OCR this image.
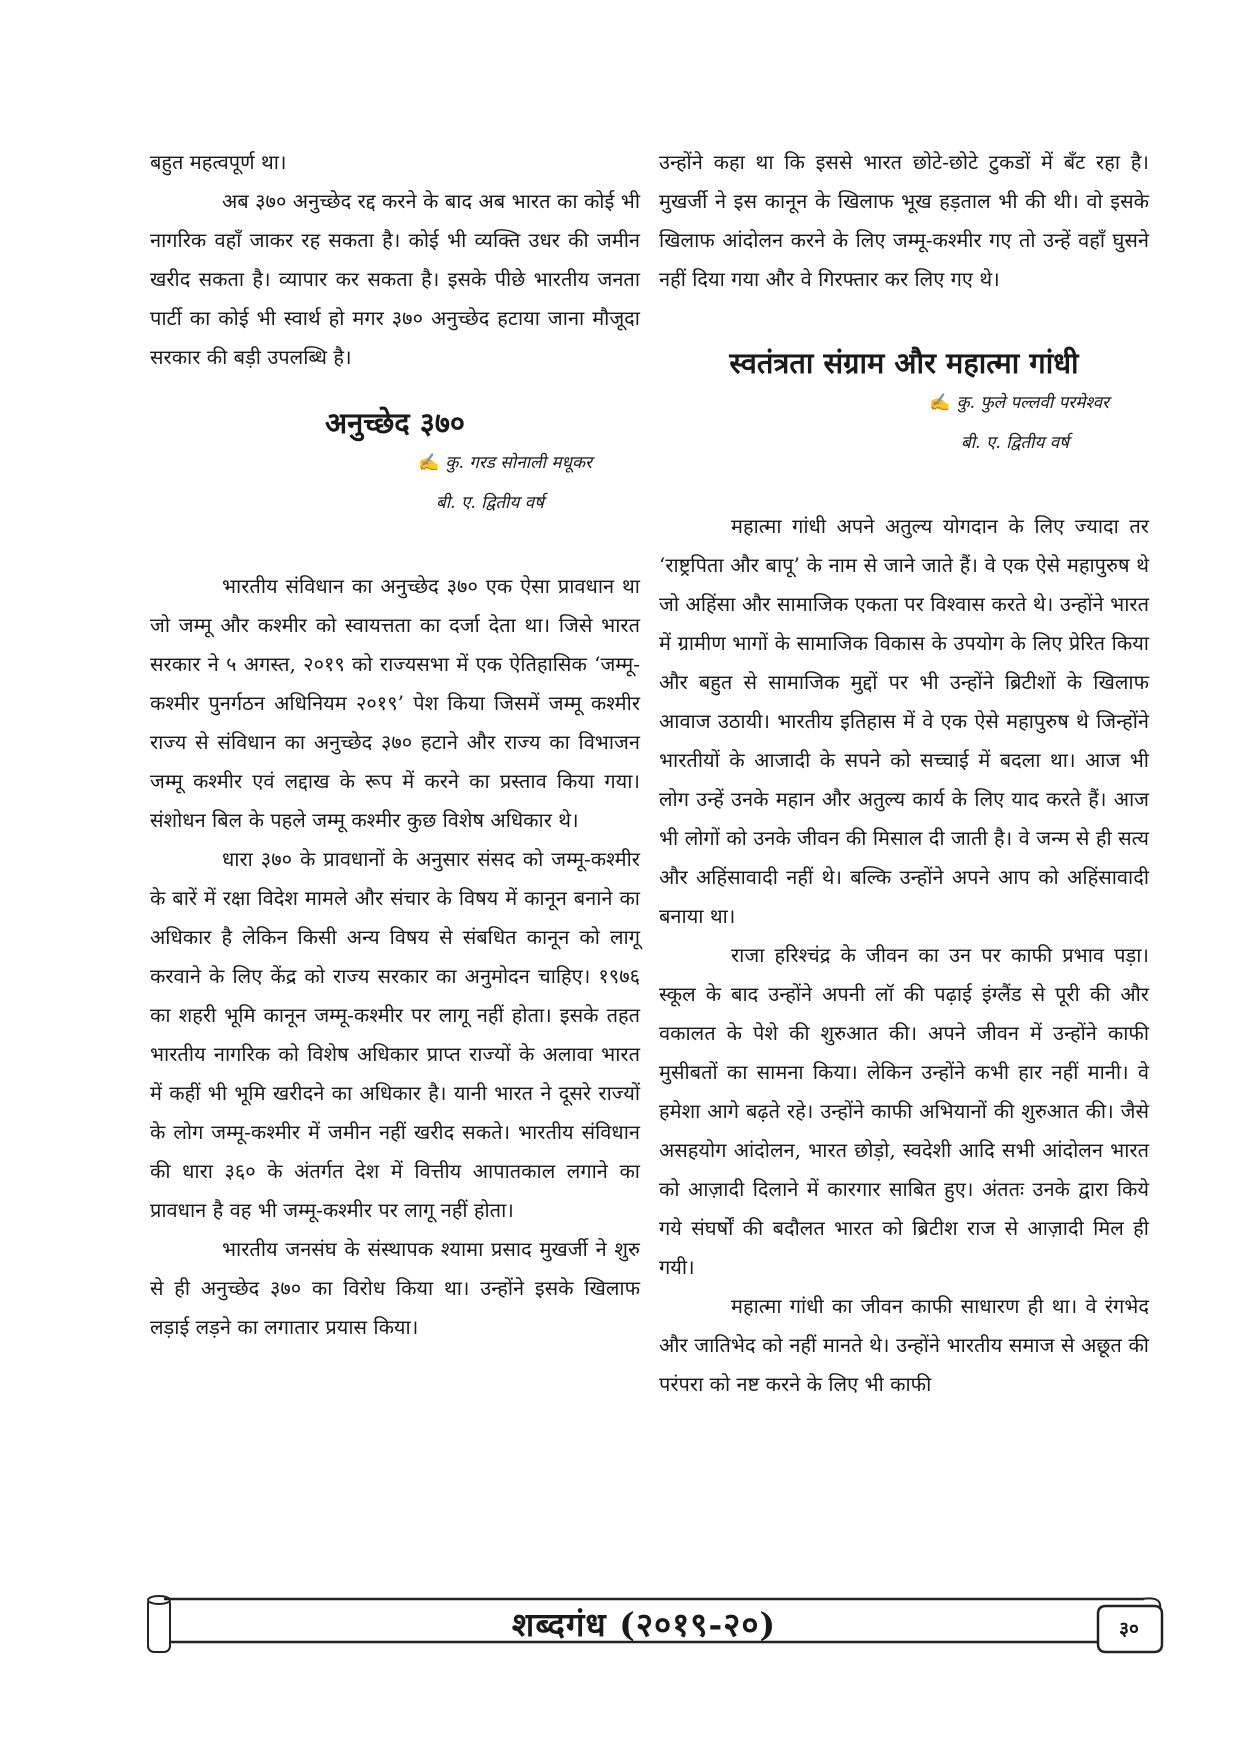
बहुत महत्वपूर्ण था।

अब ३७० अनुच्छेद रद्द करने के बाद अब भारत का कोई भी नागरिक वहाँ जाकर रह सकता है। कोई भी व्यक्ति उधर की जमीन खरीद सकता है। व्यापार कर सकता है। इसके पीछे भारतीय जनता पार्टी का कोई भी स्वार्थ हो मगर ३७० अनुच्छेद हटाया जाना मौजूदा सरकार की बड़ी उपलब्धि है।

अनुच्छेद ३७०
✍ कु. गरड सोनाली मधूकर
बी. ए. द्वितीय वर्ष

भारतीय संविधान का अनुच्छेद ३७० एक ऐसा प्रावधान था जो जम्मू और कश्मीर को स्वायत्तता का दर्जा देता था। जिसे भारत सरकार ने ५ अगस्त, २०१९ को राज्यसभा में एक ऐतिहासिक ‘जम्मू-कश्मीर पुनर्गठन अधिनियम २०१९’ पेश किया जिसमें जम्मू कश्मीर राज्य से संविधान का अनुच्छेद ३७० हटाने और राज्य का विभाजन जम्मू कश्मीर एवं लद्दाख के रूप में करने का प्रस्ताव किया गया। संशोधन बिल के पहले जम्मू कश्मीर कुछ विशेष अधिकार थे।

धारा ३७० के प्रावधानों के अनुसार संसद को जम्मू-कश्मीर के बारें में रक्षा विदेश मामले और संचार के विषय में कानून बनाने का अधिकार है लेकिन किसी अन्य विषय से संबधित कानून को लागू करवाने के लिए केंद्र को राज्य सरकार का अनुमोदन चाहिए। १९७६ का शहरी भूमि कानून जम्मू-कश्मीर पर लागू नहीं होता। इसके तहत भारतीय नागरिक को विशेष अधिकार प्राप्त राज्यों के अलावा भारत में कहीं भी भूमि खरीदने का अधिकार है। यानी भारत ने दूसरे राज्यों के लोग जम्मू-कश्मीर में जमीन नहीं खरीद सकते। भारतीय संविधान की धारा ३६० के अंतर्गत देश में वित्तीय आपातकाल लगाने का प्रावधान है वह भी जम्मू-कश्मीर पर लागू नहीं होता।

भारतीय जनसंघ के संस्थापक श्यामा प्रसाद मुखर्जी ने शुरु से ही अनुच्छेद ३७० का विरोध किया था। उन्होंने इसके खिलाफ लड़ाई लड़ने का लगातार प्रयास किया।

उन्होंने कहा था कि इससे भारत छोटे-छोटे टुकडों में बँट रहा है। मुखर्जी ने इस कानून के खिलाफ भूख हड़ताल भी की थी। वो इसके खिलाफ आंदोलन करने के लिए जम्मू-कश्मीर गए तो उन्हें वहाँ घुसने नहीं दिया गया और वे गिरफ्तार कर लिए गए थे।

स्वतंत्रता संग्राम और महात्मा गांधी
✍ कु. फुले पल्लवी परमेश्वर
बी. ए. द्वितीय वर्ष

महात्मा गांधी अपने अतुल्य योगदान के लिए ज्यादा तर ‘राष्ट्रपिता और बापू’ के नाम से जाने जाते हैं। वे एक ऐसे महापुरुष थे जो अहिंसा और सामाजिक एकता पर विश्वास करते थे। उन्होंने भारत में ग्रामीण भागों के सामाजिक विकास के उपयोग के लिए प्रेरित किया और बहुत से सामाजिक मुद्दों पर भी उन्होंने ब्रिटीशों के खिलाफ आवाज उठायी। भारतीय इतिहास में वे एक ऐसे महापुरुष थे जिन्होंने भारतीयों के आजादी के सपने को सच्चाई में बदला था। आज भी लोग उन्हें उनके महान और अतुल्य कार्य के लिए याद करते हैं। आज भी लोगों को उनके जीवन की मिसाल दी जाती है। वे जन्म से ही सत्य और अहिंसावादी नहीं थे। बल्कि उन्होंने अपने आप को अहिंसावादी बनाया था।

राजा हरिश्चंद्र के जीवन का उन पर काफी प्रभाव पड़ा। स्कूल के बाद उन्होंने अपनी लॉ की पढ़ाई इंग्लैंड से पूरी की और वकालत के पेशे की शुरुआत की। अपने जीवन में उन्होंने काफी मुसीबतों का सामना किया। लेकिन उन्होंने कभी हार नहीं मानी। वे हमेशा आगे बढ़ते रहे। उन्होंने काफी अभियानों की शुरुआत की। जैसे असहयोग आंदोलन, भारत छोड़ो, स्वदेशी आदि सभी आंदोलन भारत को आज़ादी दिलाने में कारगार साबित हुए। अंततः उनके द्वारा किये गये संघर्षों की बदौलत भारत को ब्रिटीश राज से आज़ादी मिल ही गयी।

महात्मा गांधी का जीवन काफी साधारण ही था। वे रंगभेद और जातिभेद को नहीं मानते थे। उन्होंने भारतीय समाज से अछूत की परंपरा को नष्ट करने के लिए भी काफी

शब्दगंध (२०१९-२०)	३०
